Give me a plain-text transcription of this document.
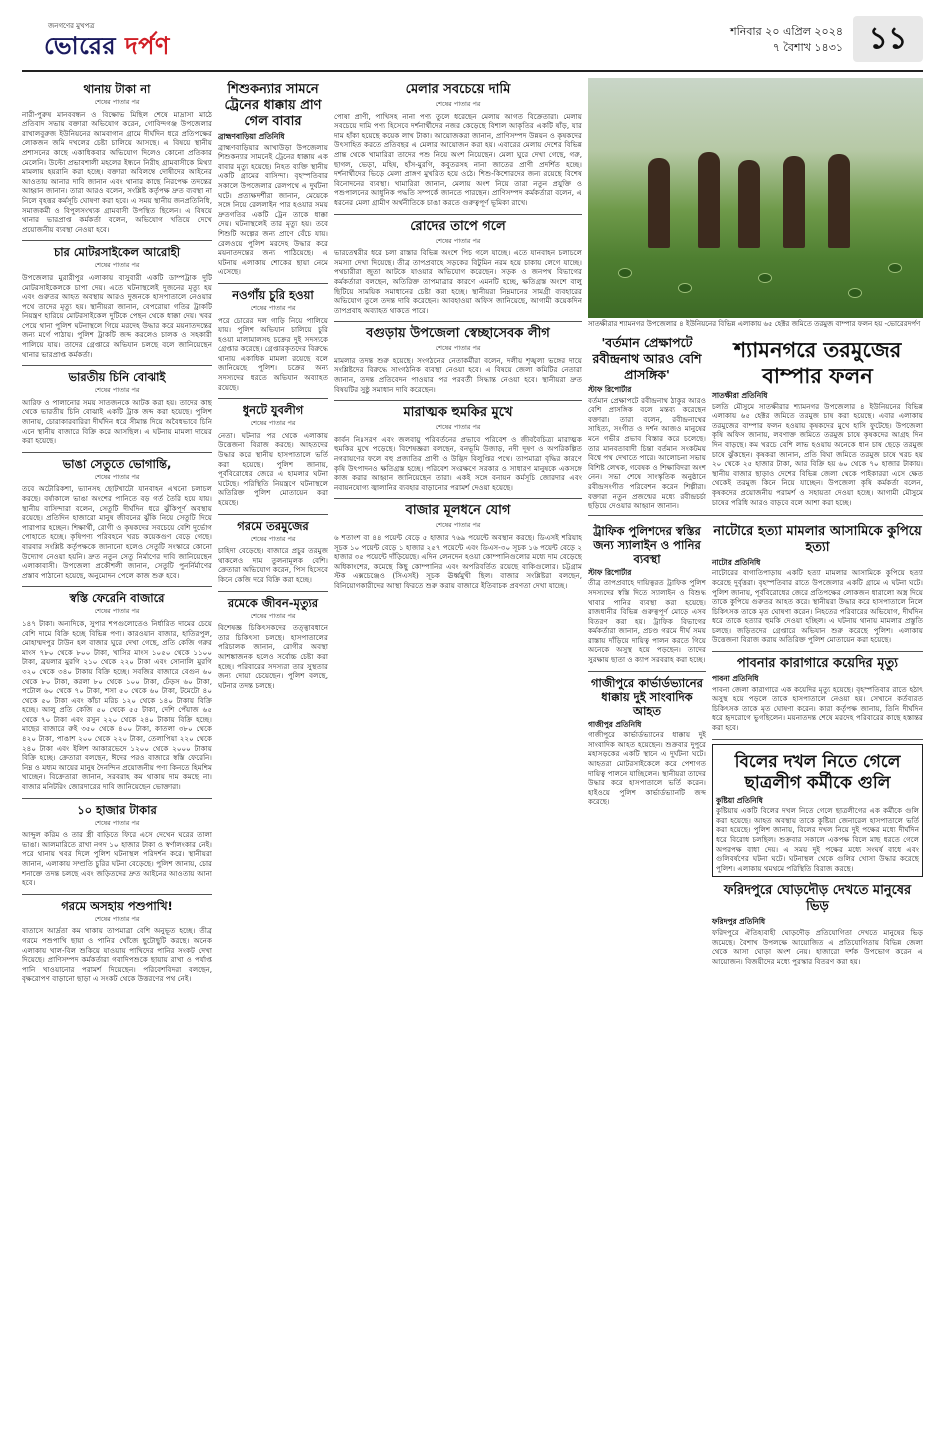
জনগণের মুখপত্র
ভোরের দর্পণ
শনিবার ২০ এপ্রিল ২০২৪
৭ বৈশাখ ১৪৩১ ১১
থানায় টাকা না
শেষের পাতার পর
নারী-পুরুষ মানববন্ধন ও বিক্ষোভ মিছিল শেষে মাদ্রাসা মাঠে প্রতিবাদ সভায় বক্তারা অভিযোগ করেন, গোবিন্দগঞ্জ উপজেলার রাখালবুরুজ ইউনিয়নের আমবাগান গ্রামে দীর্ঘদিন ধরে প্রতিপক্ষের লোকজন জমি দখলের চেষ্টা চালিয়ে আসছে। এ বিষয়ে স্থানীয় প্রশাসনের কাছে একাধিকবার অভিযোগ দিলেও কোনো প্রতিকার মেলেনি। উল্টো প্রভাবশালী মহলের ইন্ধনে নিরীহ গ্রামবাসীকে মিথ্যা মামলায় হয়রানি করা হচ্ছে। বক্তারা অবিলম্বে দোষীদের আইনের আওতায় আনার দাবি জানান এবং থানার কাছে নিরপেক্ষ তদন্তের আহ্বান জানান। তারা আরও বলেন, সংশ্লিষ্ট কর্তৃপক্ষ দ্রুত ব্যবস্থা না নিলে বৃহত্তর কর্মসূচি ঘোষণা করা হবে। এ সময় স্থানীয় জনপ্রতিনিধি, সমাজকর্মী ও বিপুলসংখ্যক গ্রামবাসী উপস্থিত ছিলেন। এ বিষয়ে থানার ভারপ্রাপ্ত কর্মকর্তা বলেন, অভিযোগ খতিয়ে দেখে প্রয়োজনীয় ব্যবস্থা নেওয়া হবে।
চার মোটরসাইকেল আরোহী
শেষের পাতার পর
উপজেলার মুরারীপুর এলাকায় বাসুবারী একটি ডাম্পট্রাক দুটি মোটরসাইকেলকে চাপা দেয়। এতে ঘটনাস্থলেই দুজনের মৃত্যু হয় এবং গুরুতর আহত অবস্থায় আরও দুজনকে হাসপাতালে নেওয়ার পথে তাদের মৃত্যু হয়। স্থানীয়রা জানান, বেপরোয়া গতির ট্রাকটি নিয়ন্ত্রণ হারিয়ে মোটরসাইকেল দুটিকে পেছন থেকে ধাক্কা দেয়। খবর পেয়ে থানা পুলিশ ঘটনাস্থলে গিয়ে মরদেহ উদ্ধার করে ময়নাতদন্তের জন্য মর্গে পাঠায়। পুলিশ ট্রাকটি জব্দ করলেও চালক ও সহকারী পালিয়ে যায়। তাদের গ্রেপ্তারে অভিযান চলছে বলে জানিয়েছেন থানার ভারপ্রাপ্ত কর্মকর্তা।
ভারতীয় চিনি বোঝাই
শেষের পাতার পর
আরিফ ও পালানোর সময় সাতজনকে আটক করা হয়। তাদের কাছ থেকে ভারতীয় চিনি বোঝাই একটি ট্রাক জব্দ করা হয়েছে। পুলিশ জানায়, চোরাকারবারিরা দীর্ঘদিন ধরে সীমান্ত দিয়ে অবৈধভাবে চিনি এনে স্থানীয় বাজারে বিক্রি করে আসছিল। এ ঘটনায় মামলা দায়ের করা হয়েছে।
ভাঙা সেতুতে ভোগান্তি,
শেষের পাতার পর
তবে অটোরিকশা, ভ্যানসহ ছোটখাটো যানবাহন এখনো চলাচল করছে। বর্ষাকালে ভাঙা অংশের পানিতে বড় গর্ত তৈরি হয়ে যায়। স্থানীয় বাসিন্দারা বলেন, সেতুটি দীর্ঘদিন ধরে ঝুঁকিপূর্ণ অবস্থায় রয়েছে। প্রতিদিন হাজারো মানুষ জীবনের ঝুঁকি নিয়ে সেতুটি দিয়ে পারাপার হচ্ছেন। শিক্ষার্থী, রোগী ও কৃষকদের সবচেয়ে বেশি দুর্ভোগ পোহাতে হচ্ছে। কৃষিপণ্য পরিবহনে খরচ কয়েকগুণ বেড়ে গেছে। বারবার সংশ্লিষ্ট কর্তৃপক্ষকে জানানো হলেও সেতুটি সংস্কারে কোনো উদ্যোগ নেওয়া হয়নি। দ্রুত নতুন সেতু নির্মাণের দাবি জানিয়েছেন এলাকাবাসী। উপজেলা প্রকৌশলী জানান, সেতুটি পুনর্নির্মাণের প্রস্তাব পাঠানো হয়েছে, অনুমোদন পেলে কাজ শুরু হবে।
স্বস্তি ফেরেনি বাজারে
শেষের পাতার পর
১৪৭ টাকা। অন্যদিকে, সুপার শপগুলোতেও নির্ধারিত দামের চেয়ে বেশি দামে বিক্রি হচ্ছে বিভিন্ন পণ্য। কারওয়ান বাজার, হাতিরপুল, মোহাম্মদপুর টাউন হল বাজার ঘুরে দেখা গেছে, প্রতি কেজি গরুর মাংস ৭৮০ থেকে ৮০০ টাকা, খাসির মাংস ১০৫০ থেকে ১১০০ টাকা, ব্রয়লার মুরগি ২১০ থেকে ২২০ টাকা এবং সোনালি মুরগি ৩২০ থেকে ৩৪০ টাকায় বিক্রি হচ্ছে। সবজির বাজারে বেগুন ৬০ থেকে ৮০ টাকা, করলা ৮০ থেকে ১০০ টাকা, ঢেঁড়স ৬০ টাকা, পটোল ৬০ থেকে ৭০ টাকা, শসা ৫০ থেকে ৬০ টাকা, টমেটো ৪০ থেকে ৫০ টাকা এবং কাঁচা মরিচ ১২০ থেকে ১৪০ টাকায় বিক্রি হচ্ছে। আলু প্রতি কেজি ৫০ থেকে ৫৫ টাকা, দেশি পেঁয়াজ ৬৫ থেকে ৭০ টাকা এবং রসুন ২২০ থেকে ২৪০ টাকায় বিক্রি হচ্ছে। মাছের বাজারে রুই ৩৫০ থেকে ৪০০ টাকা, কাতলা ৩৮০ থেকে ৪২০ টাকা, পাঙাশ ২০০ থেকে ২২০ টাকা, তেলাপিয়া ২২০ থেকে ২৪০ টাকা এবং ইলিশ আকারভেদে ১২০০ থেকে ২০০০ টাকায় বিক্রি হচ্ছে। ক্রেতারা বলছেন, ঈদের পরও বাজারে স্বস্তি ফেরেনি। নিম্ন ও মধ্যম আয়ের মানুষ দৈনন্দিন প্রয়োজনীয় পণ্য কিনতে হিমশিম খাচ্ছেন। বিক্রেতারা জানান, সরবরাহ কম থাকায় দাম কমছে না। বাজার মনিটরিং জোরদারের দাবি জানিয়েছেন ভোক্তারা।
১০ হাজার টাকার
শেষের পাতার পর
আব্দুল করিম ও তার স্ত্রী বাড়িতে ফিরে এসে দেখেন ঘরের তালা ভাঙা। আলমারিতে রাখা নগদ ১০ হাজার টাকা ও স্বর্ণালংকার নেই। পরে থানায় খবর দিলে পুলিশ ঘটনাস্থল পরিদর্শন করে। স্থানীয়রা জানান, এলাকায় সম্প্রতি চুরির ঘটনা বেড়েছে। পুলিশ জানায়, চোর শনাক্তে তদন্ত চলছে এবং জড়িতদের দ্রুত আইনের আওতায় আনা হবে।
গরমে অসহায় পশুপাখি!
শেষের পাতার পর
বাতাসে আর্দ্রতা কম থাকায় তাপমাত্রা বেশি অনুভূত হচ্ছে। তীব্র গরমে পশুপাখি ছায়া ও পানির খোঁজে ছুটোছুটি করছে। অনেক এলাকায় খাল-বিল শুকিয়ে যাওয়ায় পাখিদের পানির সংকট দেখা দিয়েছে। প্রাণিসম্পদ কর্মকর্তারা গবাদিপশুকে ছায়ায় রাখা ও পর্যাপ্ত পানি খাওয়ানোর পরামর্শ দিয়েছেন। পরিবেশবিদরা বলছেন, বৃক্ষরোপণ বাড়ানো ছাড়া এ সংকট থেকে উত্তরণের পথ নেই।
শিশুকন্যার সামনে ট্রেনের ধাক্কায় প্রাণ গেল বাবার
ব্রাহ্মণবাড়িয়া প্রতিনিধি
ব্রাহ্মণবাড়িয়ার আখাউড়া উপজেলায় শিশুকন্যার সামনেই ট্রেনের ধাক্কায় এক বাবার মৃত্যু হয়েছে। নিহত ব্যক্তি স্থানীয় একটি গ্রামের বাসিন্দা। বৃহস্পতিবার সকালে উপজেলার রেলপথে এ দুর্ঘটনা ঘটে। প্রত্যক্ষদর্শীরা জানান, মেয়েকে সঙ্গে নিয়ে রেললাইন পার হওয়ার সময় দ্রুতগতির একটি ট্রেন তাকে ধাক্কা দেয়। ঘটনাস্থলেই তার মৃত্যু হয়। তবে শিশুটি অল্পের জন্য প্রাণে বেঁচে যায়। রেলওয়ে পুলিশ মরদেহ উদ্ধার করে ময়নাতদন্তের জন্য পাঠিয়েছে। এ ঘটনায় এলাকায় শোকের ছায়া নেমে এসেছে।
নওগাঁয় চুরি হওয়া
শেষের পাতার পর
পরে চোরের দল গাড়ি নিয়ে পালিয়ে যায়। পুলিশ অভিযান চালিয়ে চুরি হওয়া মালামালসহ চক্রের দুই সদস্যকে গ্রেপ্তার করেছে। গ্রেপ্তারকৃতদের বিরুদ্ধে থানায় একাধিক মামলা রয়েছে বলে জানিয়েছে পুলিশ। চক্রের অন্য সদস্যদের ধরতে অভিযান অব্যাহত রয়েছে।
ধুনটে যুবলীগ
শেষের পাতার পর
নেতা। ঘটনার পর থেকে এলাকায় উত্তেজনা বিরাজ করছে। আহতদের উদ্ধার করে স্থানীয় হাসপাতালে ভর্তি করা হয়েছে। পুলিশ জানায়, পূর্ববিরোধের জেরে এ হামলার ঘটনা ঘটেছে। পরিস্থিতি নিয়ন্ত্রণে ঘটনাস্থলে অতিরিক্ত পুলিশ মোতায়েন করা হয়েছে।
গরমে তরমুজের
শেষের পাতার পর
চাহিদা বেড়েছে। বাজারে প্রচুর তরমুজ থাকলেও দাম তুলনামূলক বেশি। ক্রেতারা অভিযোগ করেন, পিস হিসেবে কিনে কেজি দরে বিক্রি করা হচ্ছে।
রমেকে জীবন-মৃত্যুর
শেষের পাতার পর
বিশেষজ্ঞ চিকিৎসকদের তত্ত্বাবধানে তার চিকিৎসা চলছে। হাসপাতালের পরিচালক জানান, রোগীর অবস্থা আশঙ্কাজনক হলেও সর্বোচ্চ চেষ্টা করা হচ্ছে। পরিবারের সদস্যরা তার সুস্থতার জন্য দোয়া চেয়েছেন। পুলিশ বলছে, ঘটনার তদন্ত চলছে।
মেলার সবচেয়ে দামি
শেষের পাতার পর
পোষা প্রাণী, পাখিসহ নানা পণ্য তুলে ধরেছেন মেলায় আগত বিক্রেতারা। মেলায় সবচেয়ে দামি পণ্য হিসেবে দর্শনার্থীদের নজর কেড়েছে বিশাল আকৃতির একটি ষাঁড়, যার দাম হাঁকা হয়েছে কয়েক লাখ টাকা। আয়োজকরা জানান, প্রাণিসম্পদ উন্নয়ন ও কৃষকদের উৎসাহিত করতে প্রতিবছর এ মেলার আয়োজন করা হয়। এবারের মেলায় দেশের বিভিন্ন প্রান্ত থেকে খামারিরা তাদের পশু নিয়ে অংশ নিয়েছেন। মেলা ঘুরে দেখা গেছে, গরু, ছাগল, ভেড়া, মহিষ, হাঁস-মুরগি, কবুতরসহ নানা জাতের প্রাণী প্রদর্শিত হচ্ছে। দর্শনার্থীদের ভিড়ে মেলা প্রাঙ্গণ মুখরিত হয়ে ওঠে। শিশু-কিশোরদের জন্য রয়েছে বিশেষ বিনোদনের ব্যবস্থা। খামারিরা জানান, মেলায় অংশ নিয়ে তারা নতুন প্রযুক্তি ও পশুপালনের আধুনিক পদ্ধতি সম্পর্কে জানতে পারছেন। প্রাণিসম্পদ কর্মকর্তারা বলেন, এ ধরনের মেলা গ্রামীণ অর্থনীতিকে চাঙা করতে গুরুত্বপূর্ণ ভূমিকা রাখে।
রোদের তাপে গলে
শেষের পাতার পর
ভারতেশ্বরীর ধরে চলা রাস্তার বিভিন্ন অংশে পিচ গলে যাচ্ছে। এতে যানবাহন চলাচলে সমস্যা দেখা দিয়েছে। তীব্র তাপপ্রবাহে সড়কের বিটুমিন নরম হয়ে চাকায় লেগে যাচ্ছে। পথচারীরা জুতা আটকে যাওয়ার অভিযোগ করেছেন। সড়ক ও জনপথ বিভাগের কর্মকর্তারা বলছেন, অতিরিক্ত তাপমাত্রার কারণে এমনটি হচ্ছে, ক্ষতিগ্রস্ত অংশে বালু ছিটিয়ে সাময়িক সমাধানের চেষ্টা করা হচ্ছে। স্থানীয়রা নিম্নমানের সামগ্রী ব্যবহারের অভিযোগ তুলে তদন্ত দাবি করেছেন। আবহাওয়া অফিস জানিয়েছে, আগামী কয়েকদিন তাপপ্রবাহ অব্যাহত থাকতে পারে।
বগুড়ায় উপজেলা স্বেচ্ছাসেবক লীগ
শেষের পাতার পর
মামলার তদন্ত শুরু হয়েছে। সংগঠনের নেতাকর্মীরা বলেন, দলীয় শৃঙ্খলা ভঙ্গের দায়ে সংশ্লিষ্টদের বিরুদ্ধে সাংগঠনিক ব্যবস্থা নেওয়া হবে। এ বিষয়ে জেলা কমিটির নেতারা জানান, তদন্ত প্রতিবেদন পাওয়ার পর পরবর্তী সিদ্ধান্ত নেওয়া হবে। স্থানীয়রা দ্রুত বিষয়টির সুষ্ঠু সমাধান দাবি করেছেন।
মারাত্মক হুমকির মুখে
শেষের পাতার পর
কার্বন নিঃসরণ এবং জলবায়ু পরিবর্তনের প্রভাবে পরিবেশ ও জীববৈচিত্র্য মারাত্মক হুমকির মুখে পড়েছে। বিশেষজ্ঞরা বলছেন, বনভূমি উজাড়, নদী দূষণ ও অপরিকল্পিত নগরায়ণের ফলে বহু প্রজাতির প্রাণী ও উদ্ভিদ বিলুপ্তির পথে। তাপমাত্রা বৃদ্ধির কারণে কৃষি উৎপাদনও ক্ষতিগ্রস্ত হচ্ছে। পরিবেশ সংরক্ষণে সরকার ও সাধারণ মানুষকে একসঙ্গে কাজ করার আহ্বান জানিয়েছেন তারা। একই সঙ্গে বনায়ন কর্মসূচি জোরদার এবং নবায়নযোগ্য জ্বালানির ব্যবহার বাড়ানোর পরামর্শ দেওয়া হয়েছে।
বাজার মূলধনে যোগ
শেষের পাতার পর
৬ শতাংশ বা ৪৪ পয়েন্ট বেড়ে ৫ হাজার ৭৬৯ পয়েন্টে অবস্থান করছে। ডিএসই শরিয়াহ সূচক ১০ পয়েন্ট বেড়ে ১ হাজার ২৫৭ পয়েন্টে এবং ডিএস-৩০ সূচক ১৬ পয়েন্ট বেড়ে ২ হাজার ৩৫ পয়েন্টে দাঁড়িয়েছে। এদিন লেনদেন হওয়া কোম্পানিগুলোর মধ্যে দাম বেড়েছে অধিকাংশের, কমেছে কিছু কোম্পানির এবং অপরিবর্তিত রয়েছে বাকিগুলোর। চট্টগ্রাম স্টক এক্সচেঞ্জেও (সিএসই) সূচক ঊর্ধ্বমুখী ছিল। বাজার সংশ্লিষ্টরা বলছেন, বিনিয়োগকারীদের আস্থা ফিরতে শুরু করায় বাজারে ইতিবাচক প্রবণতা দেখা যাচ্ছে।
সাতক্ষীরার শ্যামনগর উপজেলার ৪ ইউনিয়নের বিভিন্ন এলাকায় ৬৫ হেক্টর জমিতে তরমুজ বাম্পার ফলন হয় -ভোরেরদর্পণ
'বর্তমান প্রেক্ষাপটে রবীন্দ্রনাথ আরও বেশি প্রাসঙ্গিক'
স্টাফ রিপোর্টার
বর্তমান প্রেক্ষাপটে রবীন্দ্রনাথ ঠাকুর আরও বেশি প্রাসঙ্গিক বলে মন্তব্য করেছেন বক্তারা। তারা বলেন, রবীন্দ্রনাথের সাহিত্য, সংগীত ও দর্শন আজও মানুষের মনে গভীর প্রভাব বিস্তার করে চলেছে। তার মানবতাবাদী চিন্তা বর্তমান সংকটময় বিশ্বে পথ দেখাতে পারে। আলোচনা সভায় বিশিষ্ট লেখক, গবেষক ও শিক্ষাবিদরা অংশ নেন। সভা শেষে সাংস্কৃতিক অনুষ্ঠানে রবীন্দ্রসংগীত পরিবেশন করেন শিল্পীরা। বক্তারা নতুন প্রজন্মের মধ্যে রবীন্দ্রচর্চা ছড়িয়ে দেওয়ার আহ্বান জানান।
শ্যামনগরে তরমুজের বাম্পার ফলন
সাতক্ষীরা প্রতিনিধি
চলতি মৌসুমে সাতক্ষীরার শ্যামনগর উপজেলার ৪ ইউনিয়নের বিভিন্ন এলাকায় ৬৫ হেক্টর জমিতে তরমুজ চাষ করা হয়েছে। এবার এলাকায় তরমুজের বাম্পার ফলন হওয়ায় কৃষকদের মুখে হাসি ফুটেছে। উপজেলা কৃষি অফিস জানায়, লবণাক্ত জমিতে তরমুজ চাষে কৃষকদের আগ্রহ দিন দিন বাড়ছে। কম খরচে বেশি লাভ হওয়ায় অনেকে ধান চাষ ছেড়ে তরমুজ চাষে ঝুঁকছেন। কৃষকরা জানান, প্রতি বিঘা জমিতে তরমুজ চাষে খরচ হয় ২০ থেকে ২৫ হাজার টাকা, আর বিক্রি হয় ৬০ থেকে ৭০ হাজার টাকায়। স্থানীয় বাজার ছাড়াও দেশের বিভিন্ন জেলা থেকে পাইকাররা এসে ক্ষেত থেকেই তরমুজ কিনে নিয়ে যাচ্ছেন। উপজেলা কৃষি কর্মকর্তা বলেন, কৃষকদের প্রয়োজনীয় পরামর্শ ও সহায়তা দেওয়া হচ্ছে। আগামী মৌসুমে চাষের পরিধি আরও বাড়বে বলে আশা করা হচ্ছে।
ট্রাফিক পুলিশদের স্বস্তির জন্য স্যালাইন ও পানির ব্যবস্থা
স্টাফ রিপোর্টার
তীব্র তাপপ্রবাহে দায়িত্বরত ট্রাফিক পুলিশ সদস্যদের স্বস্তি দিতে স্যালাইন ও বিশুদ্ধ খাবার পানির ব্যবস্থা করা হয়েছে। রাজধানীর বিভিন্ন গুরুত্বপূর্ণ মোড়ে এসব বিতরণ করা হয়। ট্রাফিক বিভাগের কর্মকর্তারা জানান, প্রচণ্ড গরমে দীর্ঘ সময় রাস্তায় দাঁড়িয়ে দায়িত্ব পালন করতে গিয়ে অনেকে অসুস্থ হয়ে পড়ছেন। তাদের সুরক্ষায় ছাতা ও ক্যাপ সরবরাহ করা হচ্ছে।
গাজীপুরে কার্ভার্ডভ্যানের ধাক্কায় দুই সাংবাদিক আহত
গাজীপুর প্রতিনিধি
গাজীপুরে কার্ভার্ডভ্যানের ধাক্কায় দুই সাংবাদিক আহত হয়েছেন। শুক্রবার দুপুরে মহাসড়কের একটি স্থানে এ দুর্ঘটনা ঘটে। আহতরা মোটরসাইকেলে করে পেশাগত দায়িত্ব পালনে যাচ্ছিলেন। স্থানীয়রা তাদের উদ্ধার করে হাসপাতালে ভর্তি করেন। হাইওয়ে পুলিশ কার্ভার্ডভ্যানটি জব্দ করেছে।
নাটোরে হত্যা মামলার আসামিকে কুপিয়ে হত্যা
নাটোর প্রতিনিধি
নাটোরের বাগাতিপাড়ায় একটি হত্যা মামলার আসামিকে কুপিয়ে হত্যা করেছে দুর্বৃত্তরা। বৃহস্পতিবার রাতে উপজেলার একটি গ্রামে এ ঘটনা ঘটে। পুলিশ জানায়, পূর্ববিরোধের জেরে প্রতিপক্ষের লোকজন ধারালো অস্ত্র দিয়ে তাকে কুপিয়ে গুরুতর আহত করে। স্থানীয়রা উদ্ধার করে হাসপাতালে নিলে চিকিৎসক তাকে মৃত ঘোষণা করেন। নিহতের পরিবারের অভিযোগ, দীর্ঘদিন ধরে তাকে হত্যার হুমকি দেওয়া হচ্ছিল। এ ঘটনায় থানায় মামলার প্রস্তুতি চলছে। জড়িতদের গ্রেপ্তারে অভিযান শুরু করেছে পুলিশ। এলাকায় উত্তেজনা বিরাজ করায় অতিরিক্ত পুলিশ মোতায়েন করা হয়েছে।
পাবনার কারাগারে কয়েদির মৃত্যু
পাবনা প্রতিনিধি
পাবনা জেলা কারাগারে এক কয়েদির মৃত্যু হয়েছে। বৃহস্পতিবার রাতে হঠাৎ অসুস্থ হয়ে পড়লে তাকে হাসপাতালে নেওয়া হয়। সেখানে কর্তব্যরত চিকিৎসক তাকে মৃত ঘোষণা করেন। কারা কর্তৃপক্ষ জানায়, তিনি দীর্ঘদিন ধরে হৃদরোগে ভুগছিলেন। ময়নাতদন্ত শেষে মরদেহ পরিবারের কাছে হস্তান্তর করা হবে।
বিলের দখল নিতে গেলে ছাত্রলীগ কর্মীকে গুলি
কুষ্টিয়া প্রতিনিধি
কুষ্টিয়ায় একটি বিলের দখল নিতে গেলে ছাত্রলীগের এক কর্মীকে গুলি করা হয়েছে। আহত অবস্থায় তাকে কুষ্টিয়া জেনারেল হাসপাতালে ভর্তি করা হয়েছে। পুলিশ জানায়, বিলের দখল নিয়ে দুই পক্ষের মধ্যে দীর্ঘদিন ধরে বিরোধ চলছিল। শুক্রবার সকালে একপক্ষ বিলে মাছ ধরতে গেলে অপরপক্ষ বাধা দেয়। এ সময় দুই পক্ষের মধ্যে সংঘর্ষ বাধে এবং গুলিবর্ষণের ঘটনা ঘটে। ঘটনাস্থল থেকে গুলির খোসা উদ্ধার করেছে পুলিশ। এলাকায় থমথমে পরিস্থিতি বিরাজ করছে।
ফরিদপুরে ঘোড়দৌড় দেখতে মানুষের ভিড়
ফরিদপুর প্রতিনিধি
ফরিদপুরে ঐতিহ্যবাহী ঘোড়দৌড় প্রতিযোগিতা দেখতে মানুষের ভিড় জমেছে। বৈশাখ উপলক্ষে আয়োজিত এ প্রতিযোগিতায় বিভিন্ন জেলা থেকে আসা ঘোড়া অংশ নেয়। হাজারো দর্শক উপভোগ করেন এ আয়োজন। বিজয়ীদের মধ্যে পুরস্কার বিতরণ করা হয়।
